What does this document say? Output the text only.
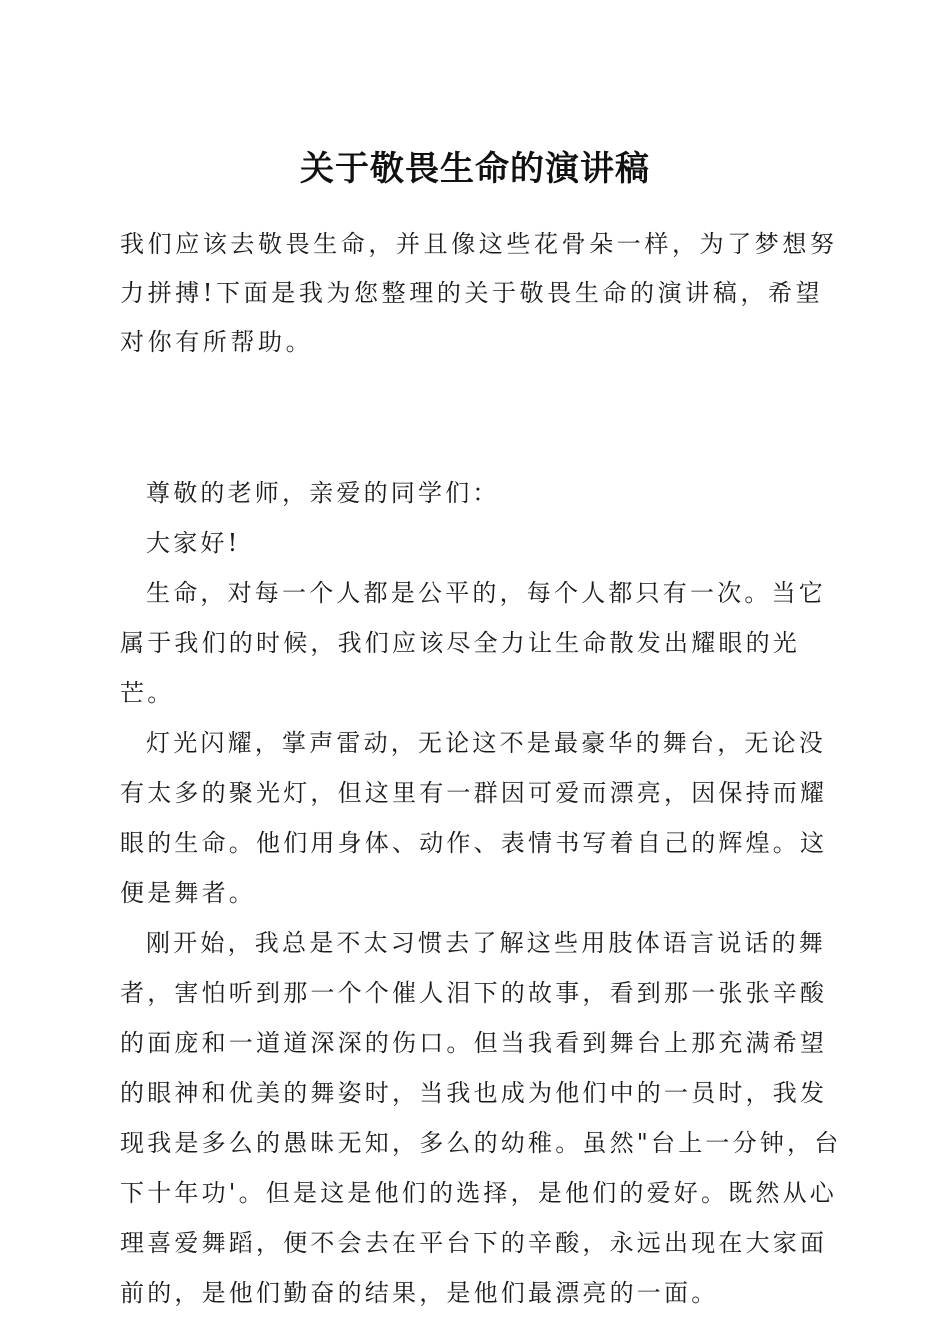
关于敬畏生命的演讲稿

我们应该去敬畏生命，并且像这些花骨朵一样，为了梦想努力拼搏!下面是我为您整理的关于敬畏生命的演讲稿，希望对你有所帮助。

尊敬的老师，亲爱的同学们：

大家好!

生命，对每一个人都是公平的，每个人都只有一次。当它属于我们的时候，我们应该尽全力让生命散发出耀眼的光芒。

灯光闪耀，掌声雷动，无论这不是最豪华的舞台，无论没有太多的聚光灯，但这里有一群因可爱而漂亮，因保持而耀眼的生命。他们用身体、动作、表情书写着自己的辉煌。这便是舞者。

刚开始，我总是不太习惯去了解这些用肢体语言说话的舞者，害怕听到那一个个催人泪下的故事，看到那一张张辛酸的面庞和一道道深深的伤口。但当我看到舞台上那充满希望的眼神和优美的舞姿时，当我也成为他们中的一员时，我发现我是多么的愚昧无知，多么的幼稚。虽然"台上一分钟，台下十年功'。但是这是他们的选择，是他们的爱好。既然从心理喜爱舞蹈，便不会去在平台下的辛酸，永远出现在大家面前的，是他们勤奋的结果，是他们最漂亮的一面。
